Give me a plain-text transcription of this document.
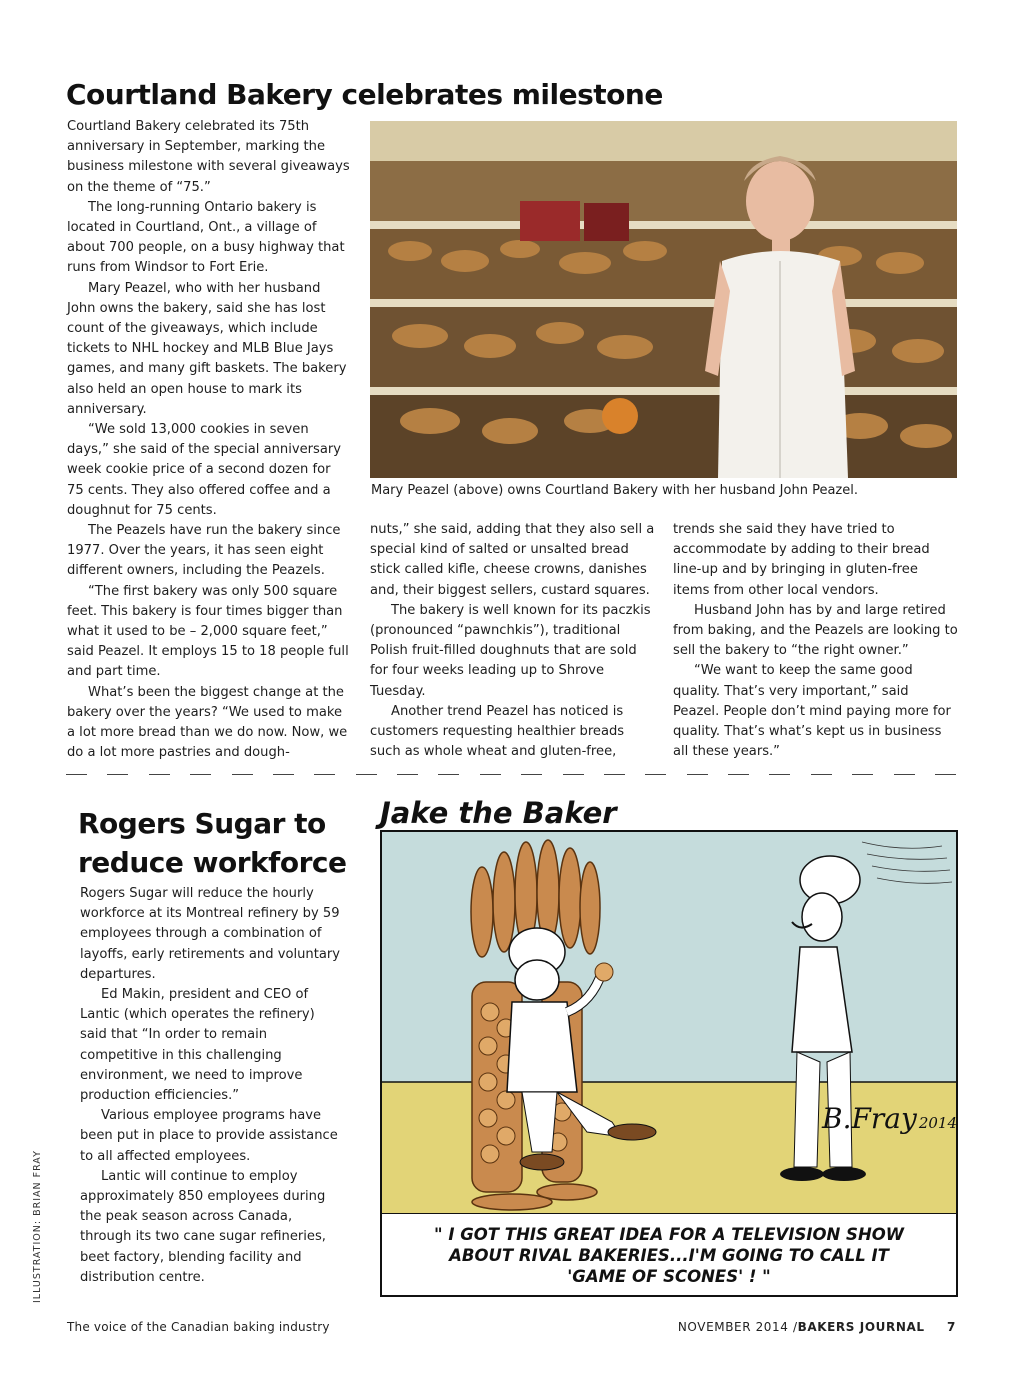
Courtland Bakery celebrates milestone

Courtland Bakery celebrated its 75th anniversary in September, marking the business milestone with several giveaways on the theme of “75.”

The long-running Ontario bakery is located in Courtland, Ont., a village of about 700 people, on a busy highway that runs from Windsor to Fort Erie.

Mary Peazel, who with her husband John owns the bakery, said she has lost count of the giveaways, which include tickets to NHL hockey and MLB Blue Jays games, and many gift baskets. The bakery also held an open house to mark its anniversary.

“We sold 13,000 cookies in seven days,” she said of the special anniversary week cookie price of a second dozen for 75 cents. They also offered coffee and a doughnut for 75 cents.

The Peazels have run the bakery since 1977. Over the years, it has seen eight different owners, including the Peazels.

“The first bakery was only 500 square feet. This bakery is four times bigger than what it used to be – 2,000 square feet,” said Peazel. It employs 15 to 18 people full and part time.

What’s been the biggest change at the bakery over the years? “We used to make a lot more bread than we do now. Now, we do a lot more pastries and dough-

Mary Peazel (above) owns Courtland Bakery with her husband John Peazel.

nuts,” she said, adding that they also sell a special kind of salted or unsalted bread stick called kifle, cheese crowns, danishes and, their biggest sellers, custard squares.

The bakery is well known for its paczkis (pronounced “pawnchkis”), traditional Polish fruit-filled doughnuts that are sold for four weeks leading up to Shrove Tuesday.

Another trend Peazel has noticed is customers requesting healthier breads such as whole wheat and gluten-free,

trends she said they have tried to accommodate by adding to their bread line-up and by bringing in gluten-free items from other local vendors.

Husband John has by and large retired from baking, and the Peazels are looking to sell the bakery to “the right owner.”

“We want to keep the same good quality. That’s very important,” said Peazel. People don’t mind paying more for quality. That’s what’s kept us in business all these years.”

Rogers Sugar to
reduce workforce

Rogers Sugar will reduce the hourly workforce at its Montreal refinery by 59 employees through a combination of layoffs, early retirements and voluntary departures.

Ed Makin, president and CEO of Lantic (which operates the refinery) said that “In order to remain competitive in this challenging environment, we need to improve production efficiencies.”

Various employee programs have been put in place to provide assistance to all affected employees.

Lantic will continue to employ approximately 850 employees during the peak season across Canada, through its two cane sugar refineries, beet factory, blending facility and distribution centre.

Jake the Baker
B.Fray 2014
" I GOT THIS GREAT IDEA FOR A TELEVISION SHOW
ABOUT RIVAL BAKERIES...I'M GOING TO CALL IT
'GAME OF SCONES' ! "
ILLUSTRATION: BRIAN FRAY
The voice of the Canadian baking industry	NOVEMBER 2014 /BAKERS JOURNAL 7
